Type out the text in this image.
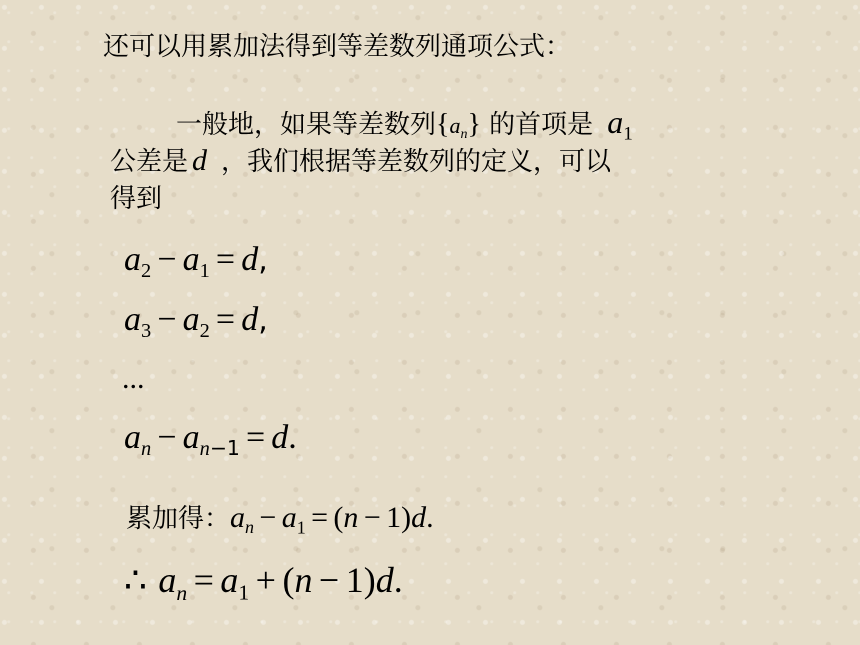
还可以用累加法得到等差数列通项公式：
一般地，如果等差数列$\{a_n\}$ 的首项是 $a_1$
公差是 d ，我们根据等差数列的定义，可以
得到
$a_2 - a_1 = d$,
$a_3 - a_2 = d$,
...
$a_n - a_{n-1} = d$.
累加得：$a_n - a_1 = (n - 1)d$.
∴ $a_n = a_1 + (n - 1)d$.
